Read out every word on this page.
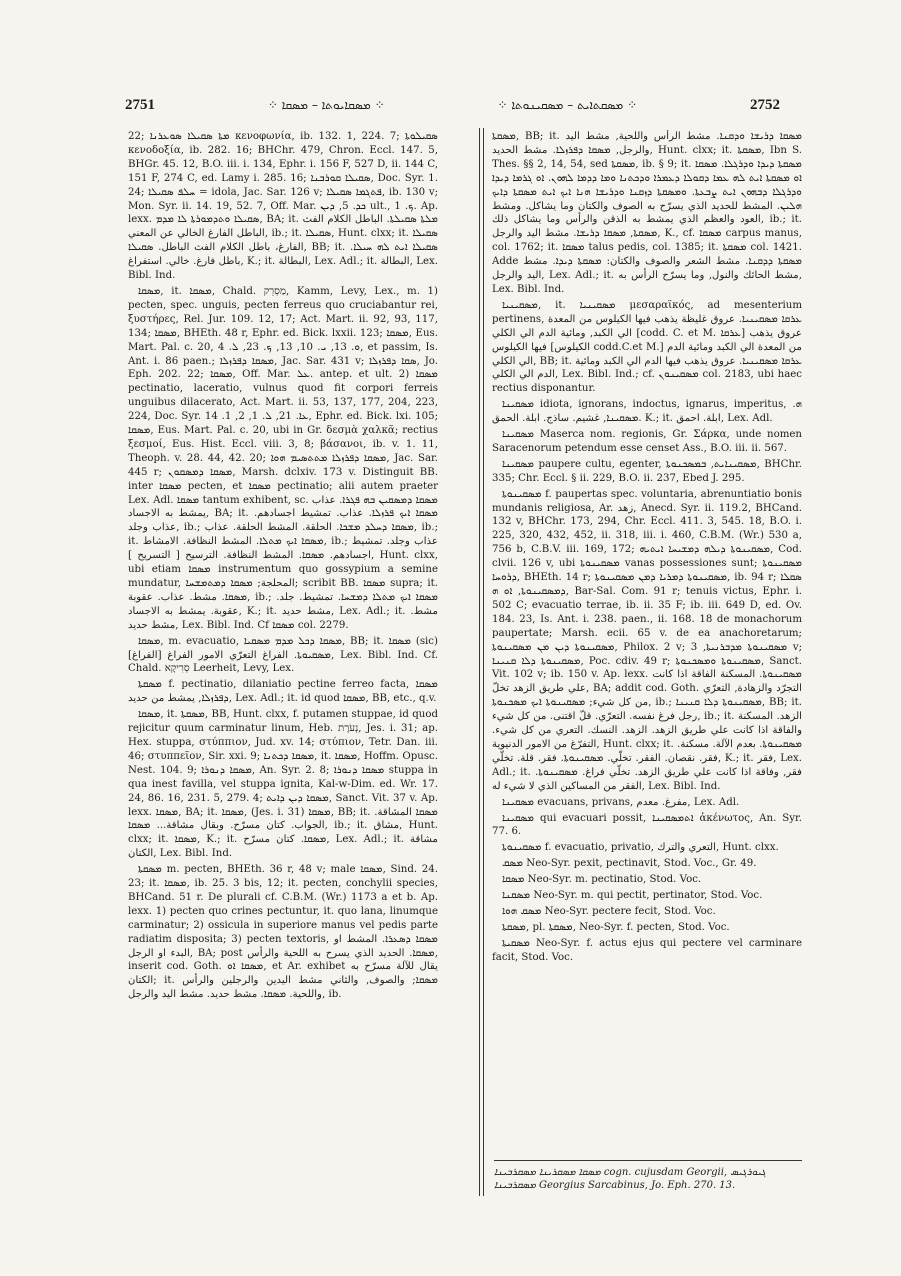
2751	⁘ ܡܣܩܐܝܘܬܐ – ܡܣܩܐ ⁘	⁘ ܡܣܩܬܐܝܬ – ܡܣܩܝܢܘܬܐ ⁘	2752

22; ܡܬܐ ܣܩܝܠܐ ܣܘܥܪܢܐ κενοφωνία, ib. 132. 1, 224. 7; ܣܩܝܠܘܬܐ κενοδοξία, ib. 282. 16; BHChr. 479, Chron. Eccl. 147. 5, BHGr. 45. 12, B.O. iii. i. 134, Ephr. i. 156 F, 527 D, ii. 144 C, 151 F, 274 C, ed. Lamy i. 285. 16; ܣܩܝܠܐ ܩܘܪܒܢܐ, Doc. Syr. 1. 24; ܚܠܦ ܣܩܝܠܐ = idola, Jac. Sar. 126 v; ܦܬܓܡܐ ܣܩܝܠܐ, ib. 130 v; Mon. Syr. ii. 14. 19, 52. 7, Off. Mar. ܟܕ. 5, ܕܝܢ ult., ܟ. 1. Ap. lexx. ܣܩܝܠܐ ܘܬܕܡܘܪܬܐ ܠܐ ܡܕܡ, BA; it. ܡܠܬܐ ܣܩܝܠܬܐ. الباطل الكلام الفث الباطل الفارغ الخالي عن المعني, ib.; it. ܣܩܝܠܐ, Hunt. clxx; it. ܣܩܝܠܐ الفارغ، باطل الكلام الفث الباطل. ܣܩܝܠܐ, BB; it. ܣܩܝܠܐ ܐܝܬ ܠܗ ܚܝܠܐ. باطل فارغ. خالي. استفراغ, K.; it. البطالة, Lex. Adl.; it. البطالة, Lex. Bibl. Ind.

ܡܣܩܐ, it. ܡܣܩܐ, Chald. מַסְרֵק, Kamm, Levy, Lex., m. 1) pecten, spec. unguis, pecten ferreus quo cruciabantur rei, ξυστήρες, Rel. Jur. 109. 12, 17; Act. Mart. ii. 92, 93, 117, 134; ܡܣܩܐ, BHEth. 48 r, Ephr. ed. Bick. lxxii. 123; ܡܣܩܐ, Eus. Mart. Pal. c. 20, ܘ. 13, ܝ. 10, 13, ܟ. 23, ܠ. 4, et passim, Is. Ant. i. 86 paen.; ܡܣܩܐ ܕܦܪܙܠܐ, Jac. Sar. 431 v; ܣܩܐ ܕܦܪܙܠܐ, Jo. Eph. 202. 22; ܡܣܩܐ, Off. Mar. ܥܠ. antep. et ult. 2) ܡܣܩܐ pectinatio, laceratio, vulnus quod fit corpori ferreis unguibus dilacerato, Act. Mart. ii. 53, 137, 177, 204, 223, 224, Doc. Syr. ܥܐ. 21, ܠ. 1, 2, 1. 14, Ephr. ed. Bick. lxi. 105; ܡܣܩܐ, Eus. Mart. Pal. c. 20, ubi in Gr. δεσμὰ χαλκᾶ; rectius ξεσμοί, Eus. Hist. Eccl. viii. 3, 8; βάσανοι, ib. v. 1. 11, Theoph. v. 28. 44, 42. 20; ܡܣܩܐ ܕܦܪܙܠܐ ܡܬܬܣܝܡ ܗܘܐ, Jac. Sar. 445 r; ܡܣܩܐ ܕܡܣܩܘܢ, Marsh. dclxiv. 173 v. Distinguit BB. inter ܡܣܩܐ pecten, et ܡܣܩܐ pectinatio; alii autem praeter Lex. Adl. ܡܣܩܐ tantum exhibent, sc. ܡܣܩܐ ܕܡܣܩܝܢ ܒܗ ܦܓܪܐ. عذاب يمشط به الاجساد, BA; it. ܡܣܩܐ ܐܝܟ ܦܪܙܠܐ. عذاب. تمشيط اجسادهم. عذاب وجلد, ib.; ܡܣܩܐ ܕܚܠܕ ܡܫܟܐ. الحلقة. المشط الحلقة. عذاب, ib.; it. ܡܣܩܐ ܐܝܟ ܡܬܠܐ. المشط النظافة. الامشاط, ib.; عذاب وجلد. تمشيط اجسادهم. ܡܣܩܐ. المشط النظافة. الترسيح [ التسريح ], Hunt. clxx, ubi etiam ܡܣܩܐ instrumentum quo gossypium a semine mundatur, المحلجة; ܡܣܩܐ ܕܡܬܡܫܚܐ; scribit BB. ܡܣܩܐ supra; it. ܡܣܩܐ. مشط. عذاب. عقوبة, ib.; ܡܣܩܐ ܐܝܟ ܡܬܠܐ ܕܡܫܚܐ. تمشيط. جلد. عقوبة. يمشط به الاجساد, K.; it. مشط حديد, Lex. Adl.; it. مشط. مشط حديد, Lex. Bibl. Ind. Cf ܡܣܩܐ col. 2279.

ܡܣܩܐ, m. evacuatio, ܡܣܩܐ ܕܟܠ ܡܕܡ ܡܣܩܝܐ, BB; it. ܡܣܩܐ (sic) ܡܣܩܝܘܬܐ. الفراغ التعرّي الامور الفراغ [الفراغ], Lex. Bibl. Ind. Cf. Chald. סְרִיקָא Leerheit, Levy, Lex.

ܡܣܩܬܐ f. pectinatio, dilaniatio pectine ferreo facta, ܡܣܩܐ ܕܦܪܙܠܐ, يمشط من حديد, Lex. Adl.; it. id quod ܡܣܩܐ, BB, etc., q.v.

ܡܣܩܐ, it. ܡܣܩܬܐ, BB, Hunt. clxx, f. putamen stuppae, id quod rejicitur quum carminatur linum, Heb. נְעֹרֶת, Jes. i. 31; ap. Hex. stuppa, στύππιον, Jud. xv. 14; στύπιον, Tetr. Dan. iii. 46; στυππεῖον, Sir. xxi. 9; ܡܣܩܐ ܕܟܬܢܐ, it. ܡܣܩܐ, Hoffm. Opusc. Nest. 104. 9; ܡܣܩܐ ܕܢܘܪܐ, An. Syr. 2. 8; ܡܣܩܐ ܕܢܘܪܐ stuppa in qua inest favilla, vel stuppa ignita, Kal-w-Dim. ed. Wr. 17. 24, 86. 16, 231. 5, 279. 4; ܡܣܩܐ ܕܝܢ ܕܐܝܬ, Sanct. Vit. 37 v. Ap. lexx. ܡܣܩܐ, BA; it. ܡܣܩܐ, (Jes. i. 31) ܡܣܩܐ, BB; it. ܡܣܩܐ المشاقة. الجواب. كتان مسرّح. وبقال مشاقة... ܡܣܩܐ, ib.; it. مشاق, Hunt. clxx; it. ܡܣܩܐ, K.; it. ܡܣܩܐ. كتان مسرّح, Lex. Adl.; it. مشاقة الكتان, Lex. Bibl. Ind.

ܡܣܩܬܐ m. pecten, BHEth. 36 r, 48 v; male ܡܣܩܐ, Sind. 24. 23; it. ܡܣܩܐ, ib. 25. 3 bis, 12; it. pecten, conchylii species, BHCand. 51 r. De plurali cf. C.B.M. (Wr.) 1173 a et b. Ap. lexx. 1) pecten quo crines pectuntur, it. quo lana, linumque carminatur; 2) ossicula in superiore manus vel pedis parte radiatim disposita; 3) pecten textoris, ܡܣܩܐ ܕܣܥܪܐ. المشط او البدء او الرجل, BA; post ܡܣܩܐ. الحديد الذي يسرح به اللحية والرأس, inserit cod. Goth. ܡܣܩܐ ܐܘ, et Ar. exhibet يقال للآلة مسرّح به الكتان; it. ܡܣܩܐ; والصوف, والثاني مشط اليدين والرجلين والرأس واللحية. ܡܣܩܐ. مشط حديد. مشط اليد والرجل, ib.

ܡܣܩܬܐ, BB; it. ܡܣܩܐ ܕܪܝܫܐ ܘܕܩܢܐ. مشط الرأس واللحية, مشط اليد والرجل, ܡܣܩܐ ܕܦܪܙܠܐ. مشط الحديد, Hunt. clxx; it. ܡܣܩܬܐ, Ibn S. Thes. §§ 2, 14, 54, sed ܡܣܩܬܐ, ib. § 9; it. ܡܣܩܬܐ ܕܝܕܐ ܘܕܪܓܠܐ. ܡܣܩܐ ܐܘ ܡܣܩܬܐ ܐܝܬ ܠܗ ܥܡܐ ܕܩܘܠܐ ܕܥܡܪܐ ܘܕܟܬܢܐ ܘܡܐ ܕܕܡܐ ܠܗܘܢ. ܐܘ ܓܪܡܐ ܕܝܕܐ ܘܕܪܓܠܐ ܕܒܗܘܢ ܐܝܬ ܨܒܥܬܐ. ܘܡܣܩܬܐ ܕܙܩܢܐ ܘܕܪܝܫܐ ܗܢܐ ܐܝܟ ܐܝܬ ܡܣܩܬܐ ܕܐܝܟ ܗܠܝܢ. المشط للحديد الذي يسرّح به الصوف والكتان وما يشاكل. ومشط العود والعظم الذي يمشط به الذقن والرأس وما يشاكل ذلك, ib.; it. ܡܣܩܬܐ, ܡܣܩܐ ܕܪܝܫܐ. مشط اليد والرجل, K., cf. ܡܣܩܐ carpus manus, col. 1762; it. ܡܣܩܐ talus pedis, col. 1385; it. ܡܣܩܬܐ col. 1421. Adde ܡܣܩܬܐ ܕܕܩܢܐ. مشط الشعر والصوف والكتان: ܡܣܩܬܐ ܕܝܕܐ. مشط اليد والرجل, Lex. Adl.; it. مشط الحائك والنول, وما يسرّح الرأس به, Lex. Bibl. Ind.

ܡܣܩܝܢܝܐ, it. ܡܣܩܝܢܝܐ μεσαραϊκός, ad mesenterium pertinens, ܥܪܩܐ ܡܣܩܝܢܝܐ. عروق غليظة يذهب فيها الكيلوس من المعدة الي الكبد, ومائية الدم الي الكلي [codd. C. et M. ܥܪܩܐ] عروق يذهب فيها الكيلوس [الكيلوس codd.C.et M.] من المعدة الي الكبد ومائية الدم الي الكلي, BB; it. ܥܪܩܐ ܡܣܩܝܢܝܐ. عروق يذهب فيها الدم الي الكبد ومائية الدم الي الكلي, Lex. Bibl. Ind.; cf. ܡܣܩܝܢܘܢ col. 2183, ubi haec rectius disponantur.

ܡܣܩܝܢܐ idiota, ignorans, indoctus, ignarus, imperitus, ܗ. ܡܣܩܝܢܐ, غشيم. ساذج. ابلة. الحمق. K.; it. ابلة. احمق, Lex. Adl.

ܡܣܩܝܢܐ Maserca nom. regionis, Gr. Σάρκα, unde nomen Saracenorum petendum esse censet Ass., B.O. iii. ii. 567.

ܡܣܩܝܢܐ paupere cultu, egenter, ܡܣܩܝܢܐܝܬ, ܒܡܣܟܢܘܬܐ, BHChr. 335; Chr. Eccl. § ii. 229, B.O. ii. 237, Ebed J. 295.

ܡܣܩܝܢܘܬܐ f. paupertas spec. voluntaria, abrenuntiatio bonis mundanis religiosa, Ar. زهد, Anecd. Syr. ii. 119.2, BHCand. 132 v, BHChr. 173, 294, Chr. Eccl. 411. 3, 545. 18, B.O. i. 225, 320, 432, 452, ii. 318, iii. i. 460, C.B.M. (Wr.) 530 a, 756 b, C.B.V. iii. 169, 172; ܡܣܩܝܢܘܬܐ ܕܝܠܗ ܕܡܫܝܚܐ ܐܝܬܝܗ, Cod. clvii. 126 v, ubi ܡܣܩܝܢܘܬܐ vanas possessiones sunt; ܡܣܩܝܢܘܬܐ ܕܪܘܚܐ, BHEth. 14 r; ܡܣܩܝܢܘܬܐ ܕܡܪܝܐ ܕܡܢ ܡܣܩܝܢܘܬܐ, ib. 94 r; ܣܩܠܐ ܕܡܣܩܝܢܘܬܐ, ܐܘ ܗ, Bar-Sal. Com. 91 r; tenuis victus, Ephr. i. 502 C; evacuatio terrae, ib. ii. 35 F; ib. iii. 649 D, ed. Ov. 184. 23, Is. Ant. i. 238. paen., ii. 168. 18 de monachorum paupertate; Marsh. ecii. 65 v. de ea anachoretarum; ܡܣܩܝܢܘܬܐ ܕܝܢ ܡܢ ܡܣܩܝܢܘܬܐ, Philox. 2 v; ܡܣܩܝܢܘܬܐ ܡܕܒܪܢܝܬܐ, 3 v; ܡܣܩܝܢܘܬܐ ܕܠܐ ܩܢܝܢܐ, Poc. cdiv. 49 r; ܡܣܩܝܢܘܬܐ ܘܡܣܟܢܘܬܐ, Sanct. Vit. 102 v; ib. 150 v. Ap. lexx. ܡܣܩܝܢܘܬܐ. المسكنة الفاقة اذا كانت علي طريق الزهد تخلّ, BA; addit cod. Goth. التجرّد والزهادة, التعرّي من كل شيء; ܡܣܩܝܢܘܬܐ ܐܝܟ ܡܣܟܢܘܬܐ, ib.; ܡܣܩܝܢܘܬܐ ܕܠܐ ܩܢܝܢܐ, BB; it. رجل فرغ نفسه. التعرّي. قلّ اقتنى. من كل شيء, ib.; it. الزهد. المسكنة والفاقة اذا كانت علي طريق الزهد. الزهد. النسك. التعري من كل شيء. التفرّغ من الامور الدنيوية, Hunt. clxx; it. ܡܣܩܝܢܘܬܐ. بعدم الآلة. مسكنة. فقر. نقصان. الفقر. تخلّي. ܡܣܩܝܢܘܬܐ. فقر. قلة. تخلّي, K.; it. فقر, Lex. Adl.; it. فقر, وفاقة اذا كانت علي طريق الزهد. تخلّي فراغ. ܡܣܩܝܢܘܬܐ. الفقر من المساكين الذي لا شيء له, Lex. Bibl. Ind.

ܡܣܩܝܢܐ evacuans, privans, مفرغ. معدم, Lex. Adl.

ܡܣܩܝܢܐ qui evacuari possit, ܐܬܡܣܩܝܢܐ ἀκένωτος, An. Syr. 77. 6.

ܡܣܩܝܢܘܬܐ f. evacuatio, privatio, التعري والترك, Hunt. clxx.

ܡܣܩ Neo-Syr. pexit, pectinavit, Stod. Voc., Gr. 49.

ܡܣܩܐ Neo-Syr. m. pectinatio, Stod. Voc.

ܡܣܩܢܐ Neo-Syr. m. qui pectit, pertinator, Stod. Voc.

ܡܣܩ ܗܘܐ Neo-Syr. pectere fecit, Stod. Voc.

ܡܣܩܬܐ, pl. ܡܣܩܬܐ, Neo-Syr. f. pecten, Stod. Voc.

ܡܣܩܝܬܐ Neo-Syr. f. actus ejus qui pectere vel carminare facit, Stod. Voc.

ܡܣܩܐ ܡܣܩܪܝܢܐ ܡܣܩܪܒܝܢܐ cogn. cujusdam Georgii, ܓܝܘܪܓܝܣ ܡܣܩܪܒܝܢܐ Georgius Sarcabinus, Jo. Eph. 270. 13.
